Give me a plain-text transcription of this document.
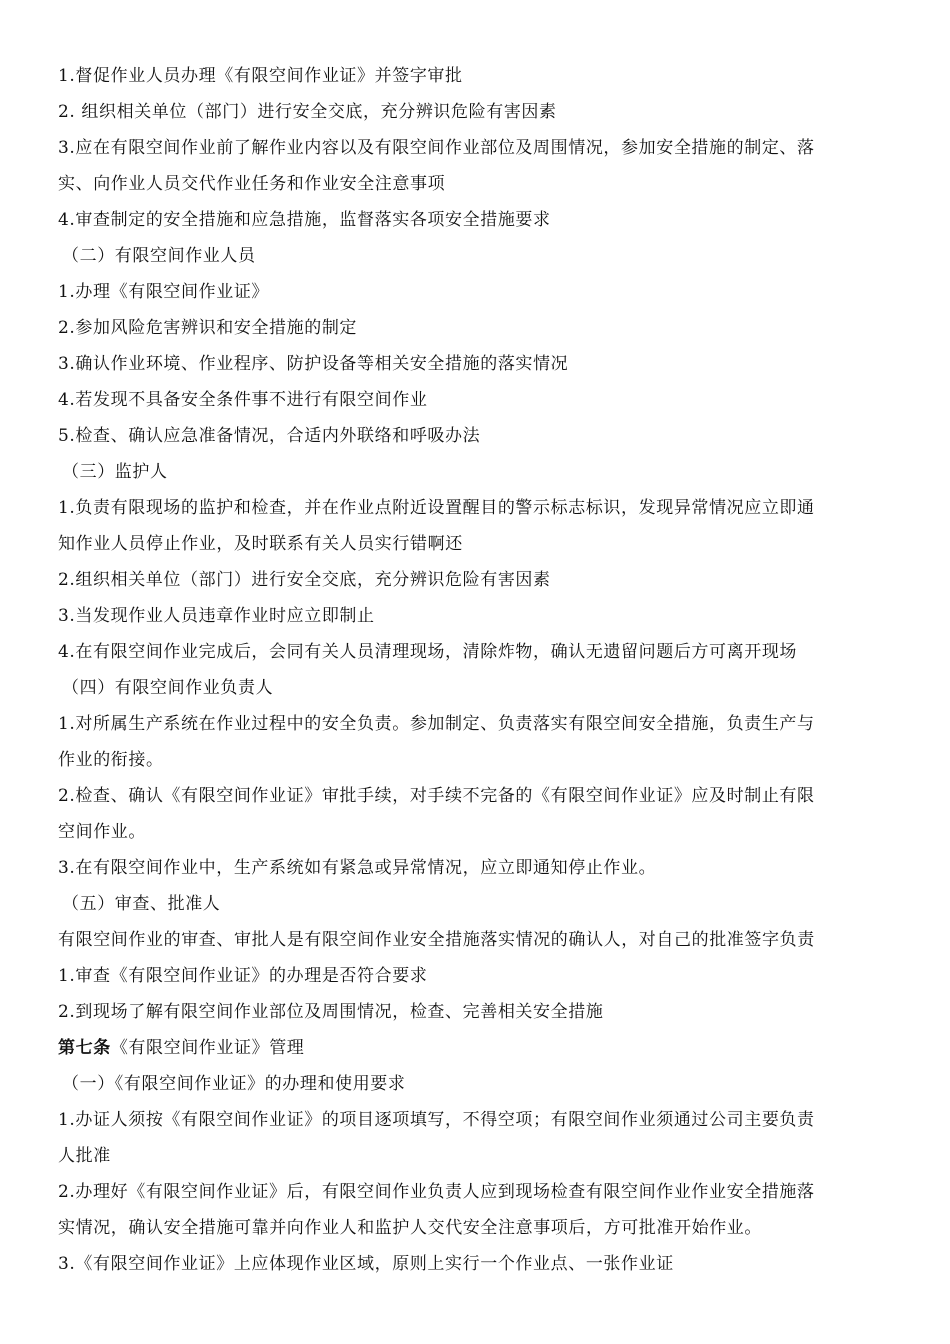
1.督促作业人员办理《有限空间作业证》并签字审批
2. 组织相关单位（部门）进行安全交底，充分辨识危险有害因素
3.应在有限空间作业前了解作业内容以及有限空间作业部位及周围情况，参加安全措施的制定、落
实、向作业人员交代作业任务和作业安全注意事项
4.审查制定的安全措施和应急措施，监督落实各项安全措施要求
（二）有限空间作业人员
1.办理《有限空间作业证》
2.参加风险危害辨识和安全措施的制定
3.确认作业环境、作业程序、防护设备等相关安全措施的落实情况
4.若发现不具备安全条件事不进行有限空间作业
5.检查、确认应急准备情况，合适内外联络和呼吸办法
（三）监护人
1.负责有限现场的监护和检查，并在作业点附近设置醒目的警示标志标识，发现异常情况应立即通
知作业人员停止作业，及时联系有关人员实行错啊还
2.组织相关单位（部门）进行安全交底，充分辨识危险有害因素
3.当发现作业人员违章作业时应立即制止
4.在有限空间作业完成后，会同有关人员清理现场，清除炸物，确认无遗留问题后方可离开现场
（四）有限空间作业负责人
1.对所属生产系统在作业过程中的安全负责。参加制定、负责落实有限空间安全措施，负责生产与
作业的衔接。
2.检查、确认《有限空间作业证》审批手续，对手续不完备的《有限空间作业证》应及时制止有限
空间作业。
3.在有限空间作业中，生产系统如有紧急或异常情况，应立即通知停止作业。
（五）审查、批准人
有限空间作业的审查、审批人是有限空间作业安全措施落实情况的确认人，对自己的批准签字负责
1.审查《有限空间作业证》的办理是否符合要求
2.到现场了解有限空间作业部位及周围情况，检查、完善相关安全措施
第七条《有限空间作业证》管理
（一）《有限空间作业证》的办理和使用要求
1.办证人须按《有限空间作业证》的项目逐项填写，不得空项；有限空间作业须通过公司主要负责
人批准
2.办理好《有限空间作业证》后，有限空间作业负责人应到现场检查有限空间作业作业安全措施落
实情况，确认安全措施可靠并向作业人和监护人交代安全注意事项后，方可批准开始作业。
3.《有限空间作业证》上应体现作业区域，原则上实行一个作业点、一张作业证
